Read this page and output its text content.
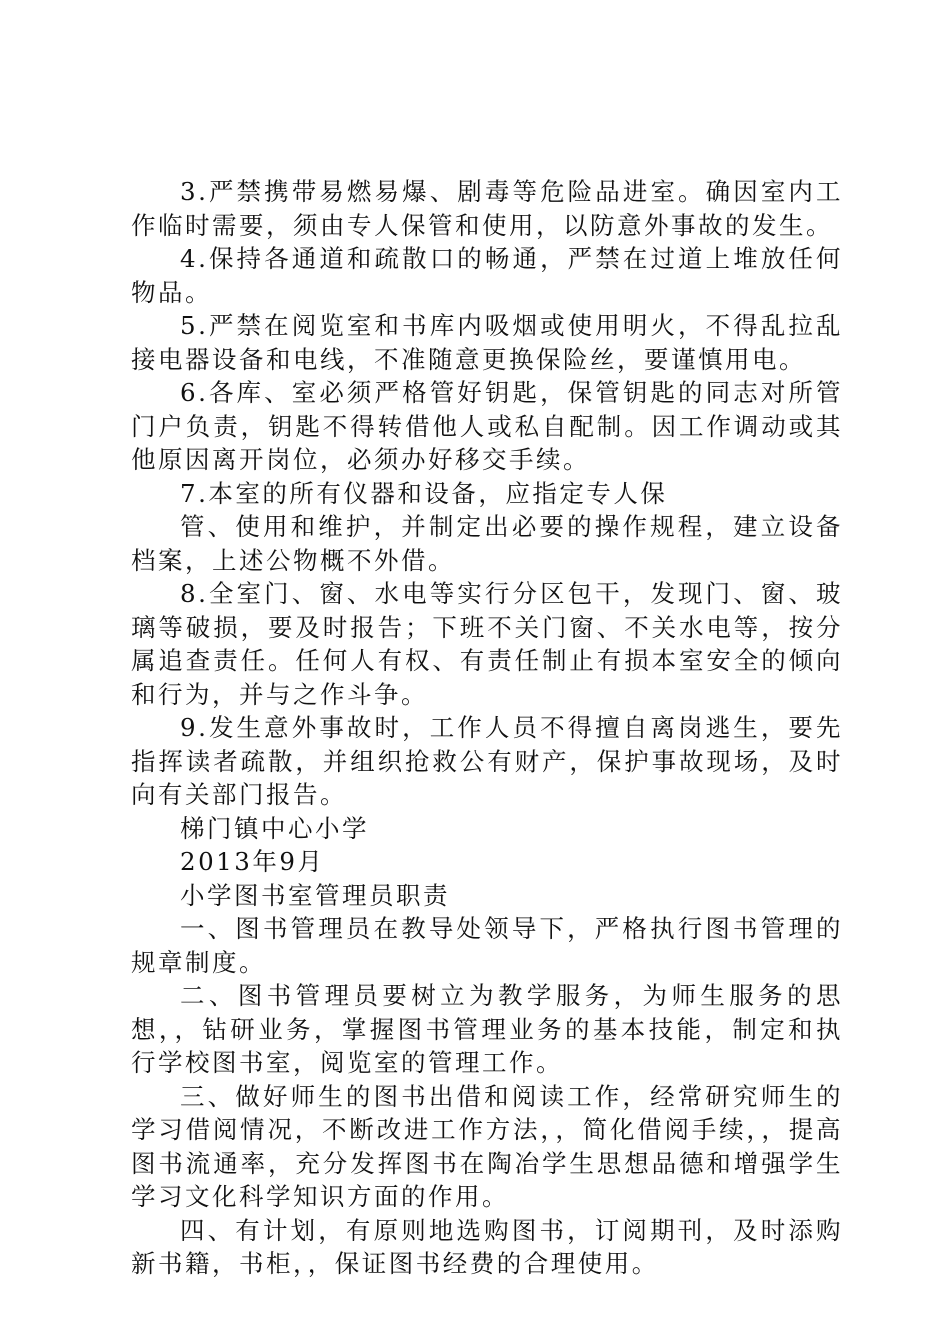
3.严禁携带易燃易爆、剧毒等危险品进室。确因室内工作临时需要，须由专人保管和使用，以防意外事故的发生。

4.保持各通道和疏散口的畅通，严禁在过道上堆放任何物品。

5.严禁在阅览室和书库内吸烟或使用明火，不得乱拉乱接电器设备和电线，不准随意更换保险丝，要谨慎用电。

6.各库、室必须严格管好钥匙，保管钥匙的同志对所管门户负责，钥匙不得转借他人或私自配制。因工作调动或其他原因离开岗位，必须办好移交手续。

7.本室的所有仪器和设备，应指定专人保

管、使用和维护，并制定出必要的操作规程，建立设备档案，上述公物概不外借。

8.全室门、窗、水电等实行分区包干，发现门、窗、玻璃等破损，要及时报告；下班不关门窗、不关水电等，按分属追查责任。任何人有权、有责任制止有损本室安全的倾向和行为，并与之作斗争。

9.发生意外事故时，工作人员不得擅自离岗逃生，要先指挥读者疏散，并组织抢救公有财产，保护事故现场，及时向有关部门报告。

梯门镇中心小学

2013年9月

小学图书室管理员职责

一、图书管理员在教导处领导下，严格执行图书管理的规章制度。

二、图书管理员要树立为教学服务，为师生服务的思想，，钻研业务，掌握图书管理业务的基本技能，制定和执行学校图书室，阅览室的管理工作。

三、做好师生的图书出借和阅读工作，经常研究师生的学习借阅情况，不断改进工作方法，，简化借阅手续，，提高图书流通率，充分发挥图书在陶冶学生思想品德和增强学生学习文化科学知识方面的作用。

四、有计划，有原则地选购图书，订阅期刊，及时添购新书籍，书柜，，保证图书经费的合理使用。
